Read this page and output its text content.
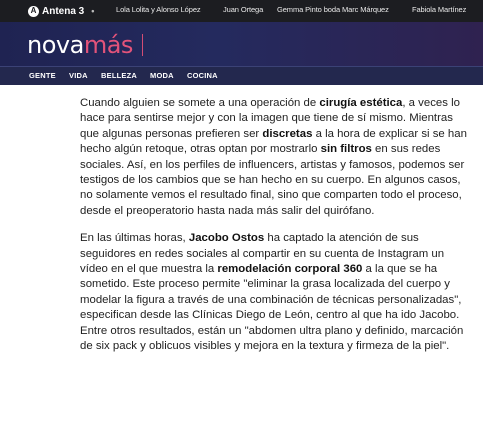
A Antena 3 •	Lola Lolita y Alonso López	Juan Ortega Gemma Pinto boda Marc Márquez	Fabiola Martínez
novamás
GENTE VIDA BELLEZA MODA COCINA

Cuando alguien se somete a una operación de cirugía estética, a veces lo hace para sentirse mejor y con la imagen que tiene de sí mismo. Mientras que algunas personas prefieren ser discretas a la hora de explicar si se han hecho algún retoque, otras optan por mostrarlo sin filtros en sus redes sociales. Así, en los perfiles de influencers, artistas y famosos, podemos ser testigos de los cambios que se han hecho en su cuerpo. En algunos casos, no solamente vemos el resultado final, sino que comparten todo el proceso, desde el preoperatorio hasta nada más salir del quirófano.

En las últimas horas, Jacobo Ostos ha captado la atención de sus seguidores en redes sociales al compartir en su cuenta de Instagram un vídeo en el que muestra la remodelación corporal 360 a la que se ha sometido. Este proceso permite "eliminar la grasa localizada del cuerpo y modelar la figura a través de una combinación de técnicas personalizadas", especifican desde las Clínicas Diego de León, centro al que ha ido Jacobo. Entre otros resultados, están un "abdomen ultra plano y definido, marcación de six pack y oblicuos visibles y mejora en la textura y firmeza de la piel".
